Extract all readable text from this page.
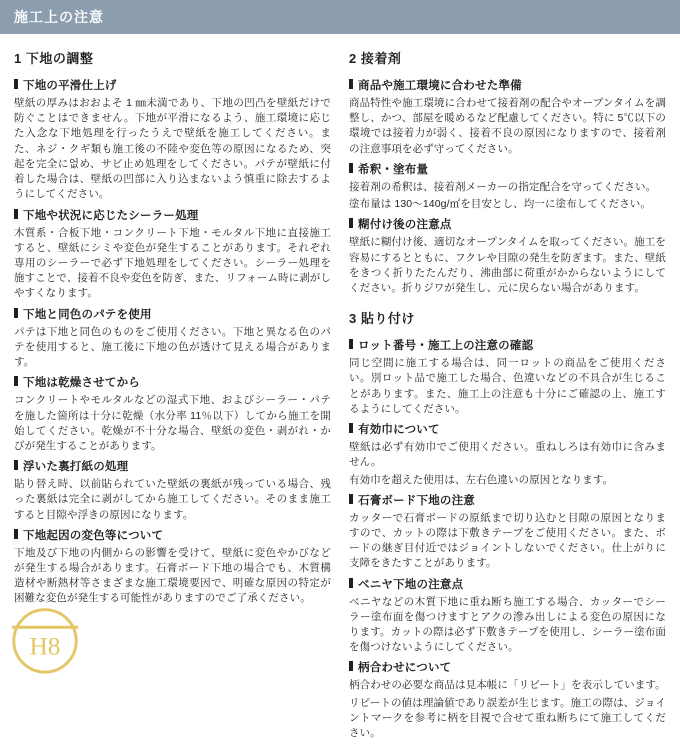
施工上の注意
1 下地の調整
下地の平滑仕上げ

壁紙の厚みはおおよそ 1 ㎜未満であり、下地の凹凸を壁紙だけで防ぐことはできません。下地が平滑になるよう、施工環境に応じた入念な下地処理を行ったうえで壁紙を施工してください。また、ネジ・クギ類も施工後の不陸や変色等の原因になるため、突起を完全に없め、サビ止め処理をしてください。パテが壁紙に付着した場合は、壁紙の凹部に入り込まないよう慎重に除去するようにしてください。

下地や状況に応じたシーラー処理

木質系・合板下地・コンクリート下地・モルタル下地に直接施工すると、壁紙にシミや変色が発生することがあります。それぞれ専用のシーラーで必ず下地処理をしてください。シーラー処理を施すことで、接着不良や変色を防ぎ、また、リフォーム時に剥がしやすくなります。

下地と同色のパテを使用

パテは下地と同色のものをご使用ください。下地と異なる色のパテを使用すると、施工後に下地の色が透けて見える場合があります。

下地は乾燥させてから

コンクリートやモルタルなどの湿式下地、およびシーラー・パテを施した箇所は十分に乾燥（水分率 11％以下）してから施工を開始してください。乾燥が不十分な場合、壁紙の変色・剥がれ・かびが発生することがあります。

浮いた裏打紙の処理

貼り替え時、以前貼られていた壁紙の裏紙が残っている場合、残った裏紙は完全に剥がしてから施工してください。そのまま施工すると目隙や浮きの原因になります。

下地起因の変色等について

下地及び下地の内側からの影響を受けて、壁紙に変色やかびなどが発生する場合があります。石膏ボード下地の場合でも、木質構造材や断熱材等さまざまな施工環境要因で、明確な原因の特定が困難な変色が発生する可能性がありますのでご了承ください。

2 接着剤
商品や施工環境に合わせた準備

商品特性や施工環境に合わせて接着剤の配合やオープンタイムを調整し、かつ、部屋を暖めるなど配慮してください。特に 5℃以下の環境では接着力が弱く、接着不良の原因になりますので、接着剤の注意事項を必ず守ってください。

希釈・塗布量

接着剤の希釈は、接着剤メーカーの指定配合を守ってください。

塗布量は 130～140g/㎡を目安とし、均一に塗布してください。

糊付け後の注意点

壁紙に糊付け後、適切なオープンタイムを取ってください。施工を容易にするとともに、フクレや目隙の発生を防ぎます。また、壁紙をきつく折りたたんだり、沸曲部に荷重がかからないようにしてください。折りジワが発生し、元に戻らない場合があります。

3 貼り付け
ロット番号・施工上の注意の確認

同じ空間に施工する場合は、同一ロットの商品をご使用ください。別ロット品で施工した場合、色違いなどの不具合が生じることがあります。また、施工上の注意も十分にご確認の上、施工するようにしてください。

有効巾について

壁紙は必ず有効巾でご使用ください。重ねしろは有効巾に含みません。

有効巾を超えた使用は、左右色違いの原因となります。

石膏ボード下地の注意

カッターで石膏ボードの原紙まで切り込むと目隙の原因となりますので、カットの際は下敷きテープをご使用ください。また、ボードの継ぎ目付近ではジョイントしないでください。仕上がりに支障をきたすことがあります。

ベニヤ下地の注意点

ベニヤなどの木質下地に重ね断ち施工する場合、カッターでシーラー塗布面を傷つけますとアクの滲み出しによる変色の原因になります。カットの際は必ず下敷きテープを使用し、シーラー塗布面を傷つけないようにしてください。

柄合わせについて

柄合わせの必要な商品は見本帳に「リピート」を表示しています。

リピートの値は理論値であり誤差が生じます。施工の際は、ジョイントマークを参考に柄を目視で合せて重ね断ちにて施工してください。

H8
